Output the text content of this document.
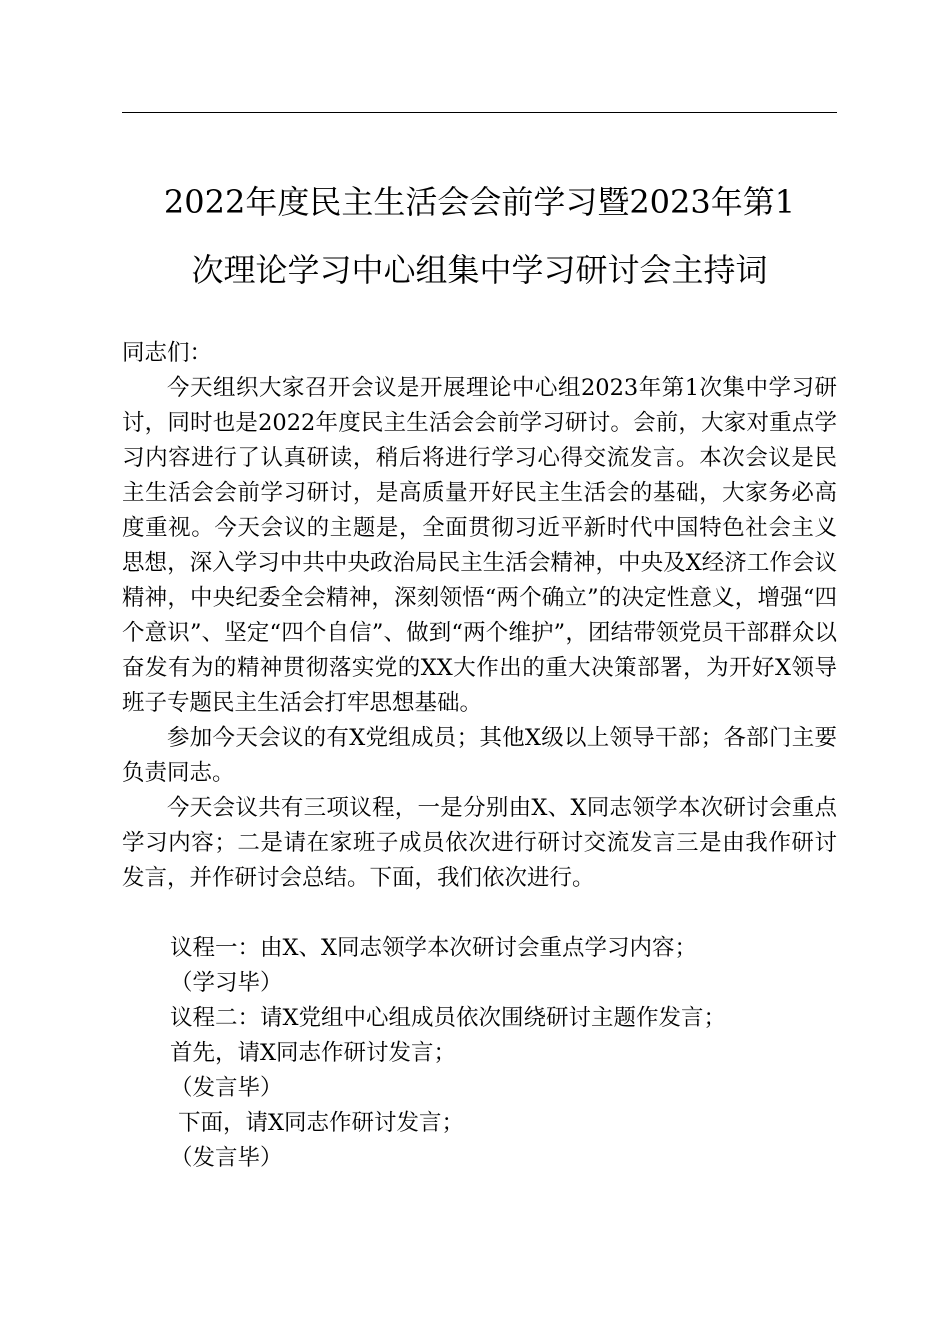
2022年度民主生活会会前学习暨2023年第1
次理论学习中心组集中学习研讨会主持词

同志们：

今天组织大家召开会议是开展理论中心组2023年第1次集中学习研讨，同时也是2022年度民主生活会会前学习研讨。会前，大家对重点学习内容进行了认真研读，稍后将进行学习心得交流发言。本次会议是民主生活会会前学习研讨，是高质量开好民主生活会的基础，大家务必高度重视。今天会议的主题是，全面贯彻习近平新时代中国特色社会主义思想，深入学习中共中央政治局民主生活会精神，中央及X经济工作会议精神，中央纪委全会精神，深刻领悟“两个确立”的决定性意义，增强“四个意识”、坚定“四个自信”、做到“两个维护”，团结带领党员干部群众以奋发有为的精神贯彻落实党的XX大作出的重大决策部署，为开好X领导班子专题民主生活会打牢思想基础。

参加今天会议的有X党组成员；其他X级以上领导干部；各部门主要负责同志。

今天会议共有三项议程，一是分别由X、X同志领学本次研讨会重点学习内容；二是请在家班子成员依次进行研讨交流发言三是由我作研讨发言，并作研讨会总结。下面，我们依次进行。

议程一：由X、X同志领学本次研讨会重点学习内容；

（学习毕）

议程二：请X党组中心组成员依次围绕研讨主题作发言；

首先，请X同志作研讨发言；

（发言毕）

下面，请X同志作研讨发言；

（发言毕）
